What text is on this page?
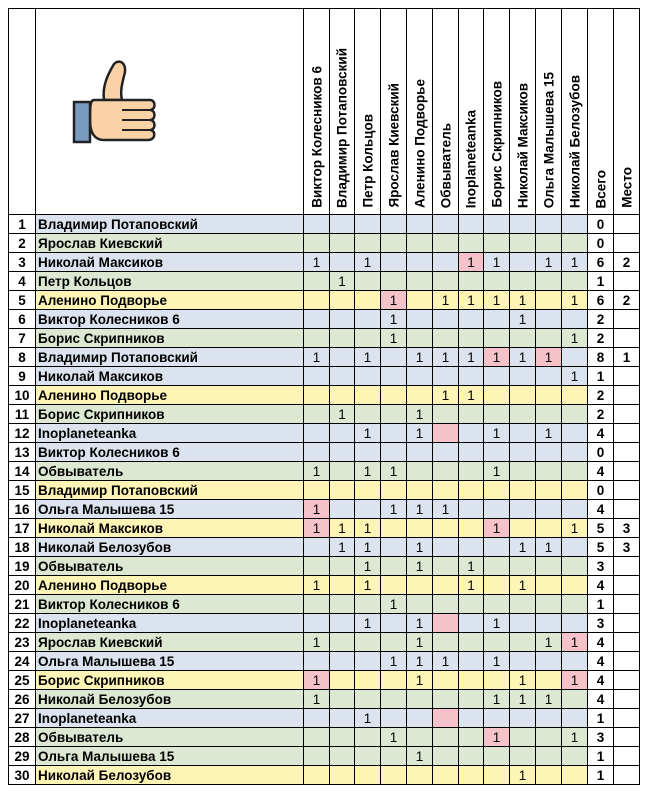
Виктор Колесников 6	Владимир Потаповский	Петр Кольцов	Ярослав Киевский	Аленино Подворье	Обвыватель	Inoplaneteanka	Борис Скрипников	Николай Максиков	Ольга Малышева 15	Николай Белозубов	Всего	Место

1	Владимир Потаповский												0	
2	Ярослав Киевский												0	
3	Николай Максиков	1		1				1	1		1	1	6	2
4	Петр Кольцов		1										1	
5	Аленино Подворье				1		1	1	1	1		1	6	2
6	Виктор Колесников 6				1					1			2	
7	Борис Скрипников				1							1	2	
8	Владимир Потаповский	1		1		1	1	1	1	1	1		8	1
9	Николай Максиков											1	1	
10	Аленино Подворье						1	1					2	
11	Борис Скрипников		1			1							2	
12	Inoplaneteanka			1		1			1		1		4	
13	Виктор Колесников 6												0	
14	Обвыватель	1		1	1				1				4	
15	Владимир Потаповский												0	
16	Ольга Малышева 15	1			1	1	1						4	
17	Николай Максиков	1	1	1					1			1	5	3
18	Николай Белозубов		1	1		1				1	1		5	3
19	Обвыватель			1		1		1					3	
20	Аленино Подворье	1		1				1		1			4	
21	Виктор Колесников 6				1								1	
22	Inoplaneteanka			1		1			1				3	
23	Ярослав Киевский	1				1					1	1	4	
24	Ольга Малышева 15				1	1	1		1				4	
25	Борис Скрипников	1				1				1		1	4	
26	Николай Белозубов	1							1	1	1		4	
27	Inoplaneteanka			1									1	
28	Обвыватель				1				1			1	3	
29	Ольга Малышева 15					1							1	
30	Николай Белозубов									1			1	
